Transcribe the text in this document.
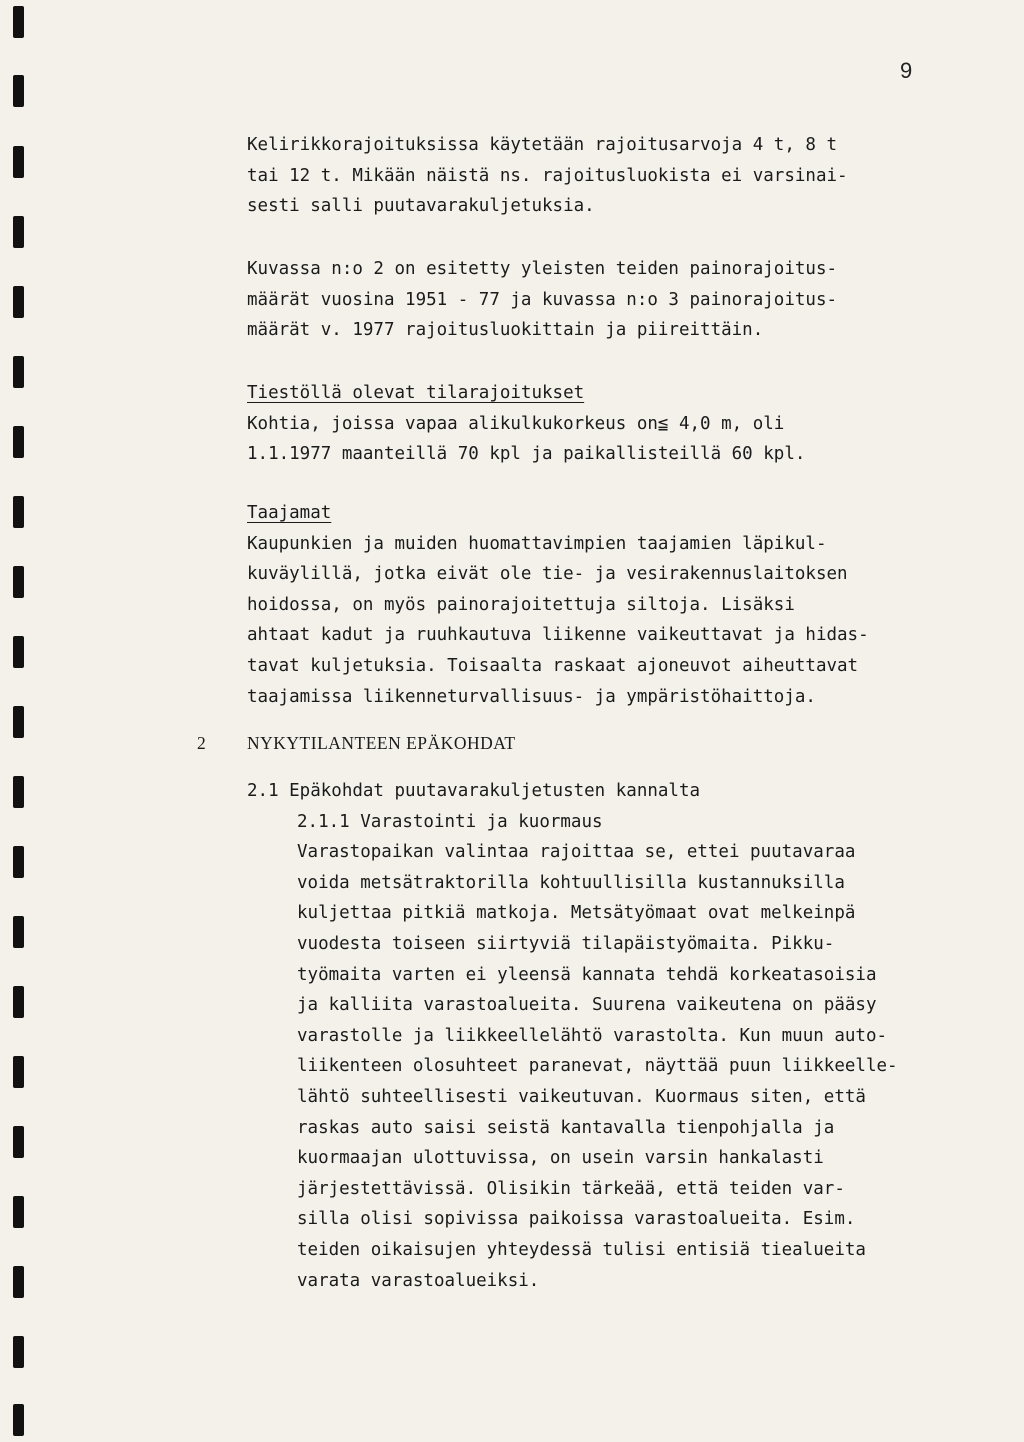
9
Kelirikkorajoituksissa käytetään rajoitusarvoja 4 t, 8 t
tai 12 t. Mikään näistä ns. rajoitusluokista ei varsinai-
sesti salli puutavarakuljetuksia.
Kuvassa n:o 2 on esitetty yleisten teiden painorajoitus-
määrät vuosina 1951 - 77 ja kuvassa n:o 3 painorajoitus-
määrät v. 1977 rajoitusluokittain ja piireittäin.
Tiestöllä olevat tilarajoitukset
Kohtia, joissa vapaa alikulkukorkeus on≦ 4,0 m, oli
1.1.1977 maanteillä 70 kpl ja paikallisteillä 60 kpl.
Taajamat
Kaupunkien ja muiden huomattavimpien taajamien läpikul-
kuväylillä, jotka eivät ole tie- ja vesirakennuslaitoksen
hoidossa, on myös painorajoitettuja siltoja. Lisäksi
ahtaat kadut ja ruuhkautuva liikenne vaikeuttavat ja hidas-
tavat kuljetuksia. Toisaalta raskaat ajoneuvot aiheuttavat
taajamissa liikenneturvallisuus- ja ympäristöhaittoja.
2 NYKYTILANTEEN EPÄKOHDAT
2.1 Epäkohdat puutavarakuljetusten kannalta
2.1.1 Varastointi ja kuormaus
Varastopaikan valintaa rajoittaa se, ettei puutavaraa
voida metsätraktorilla kohtuullisilla kustannuksilla
kuljettaa pitkiä matkoja. Metsätyömaat ovat melkeinpä
vuodesta toiseen siirtyviä tilapäistyömaita. Pikku-
työmaita varten ei yleensä kannata tehdä korkeatasoisia
ja kalliita varastoalueita. Suurena vaikeutena on pääsy
varastolle ja liikkeellelähtö varastolta. Kun muun auto-
liikenteen olosuhteet paranevat, näyttää puun liikkeelle-
lähtö suhteellisesti vaikeutuvan. Kuormaus siten, että
raskas auto saisi seistä kantavalla tienpohjalla ja
kuormaajan ulottuvissa, on usein varsin hankalasti
järjestettävissä. Olisikin tärkeää, että teiden var-
silla olisi sopivissa paikoissa varastoalueita. Esim.
teiden oikaisujen yhteydessä tulisi entisiä tiealueita
varata varastoalueiksi.
